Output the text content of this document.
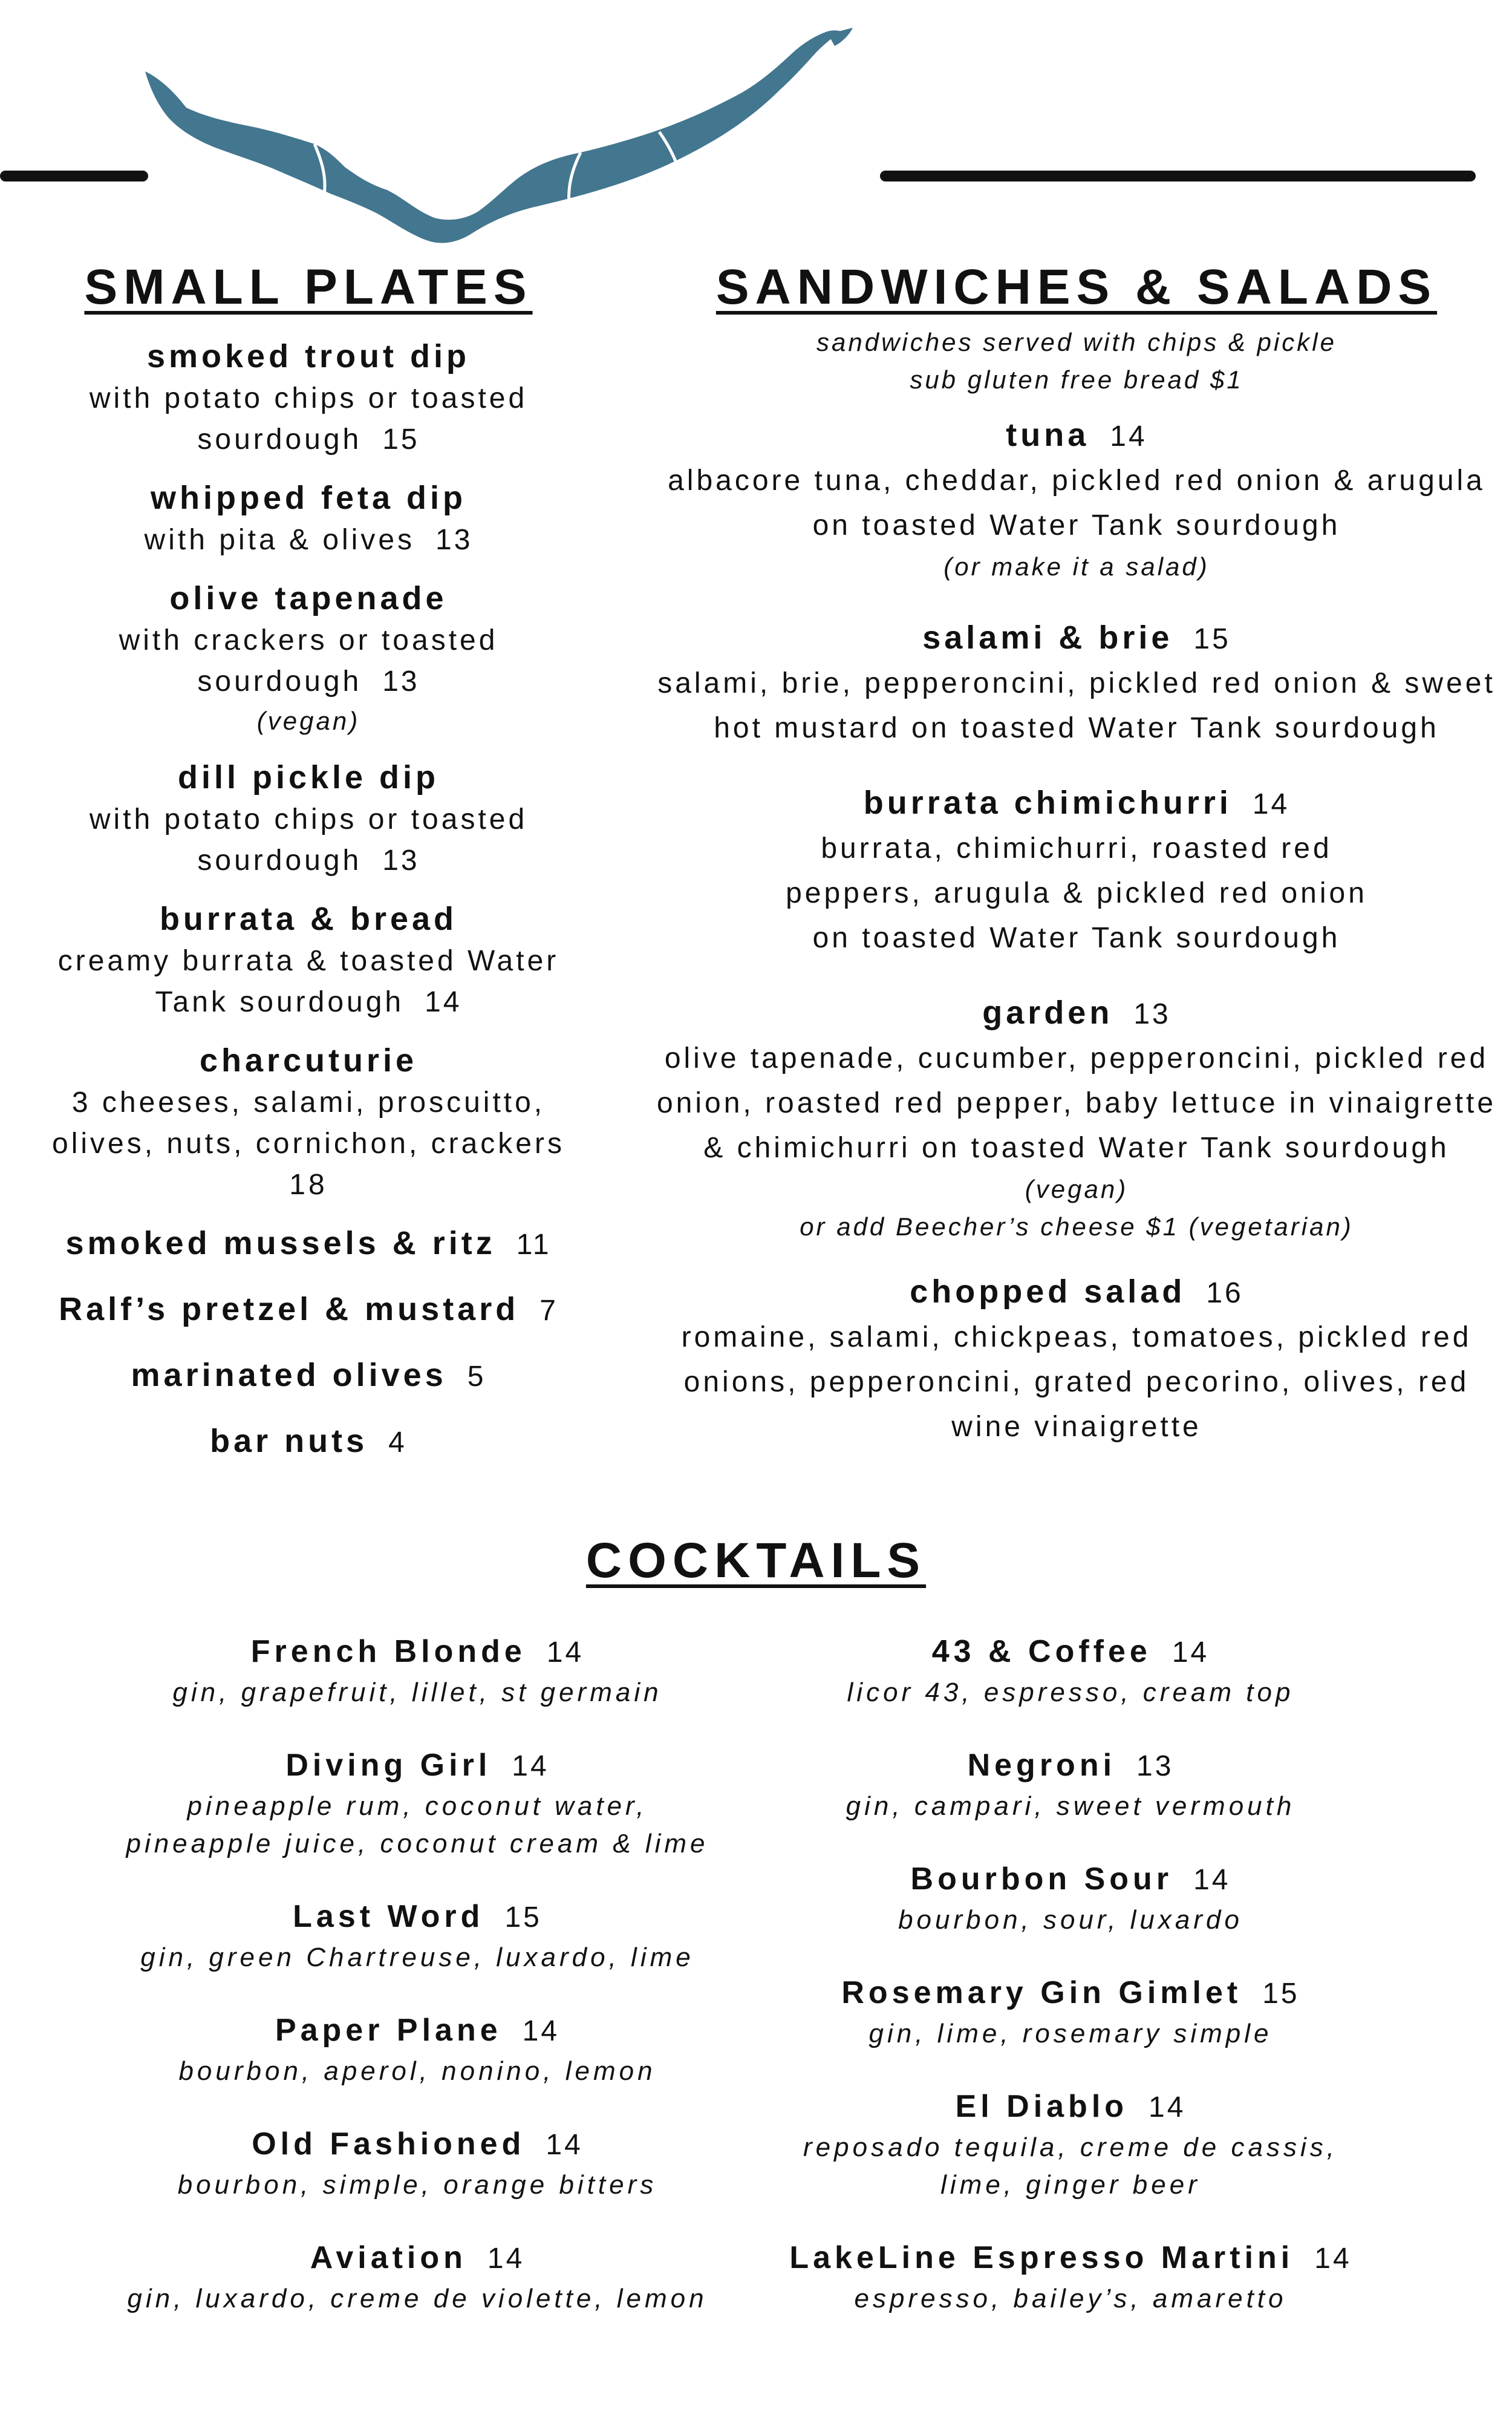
SMALL PLATES
smoked trout dip
with potato chips or toasted sourdough 15
whipped feta dip
with pita & olives 13
olive tapenade
with crackers or toasted sourdough 13
(vegan)
dill pickle dip
with potato chips or toasted sourdough 13
burrata & bread
creamy burrata & toasted Water Tank sourdough 14
charcuturie
3 cheeses, salami, proscuitto, olives, nuts, cornichon, crackers
18
smoked mussels & ritz 11
Ralf’s pretzel & mustard 7
marinated olives 5
bar nuts 4
SANDWICHES & SALADS
sandwiches served with chips & pickle
sub gluten free bread $1
tuna 14
albacore tuna, cheddar, pickled red onion & arugula on toasted Water Tank sourdough
(or make it a salad)
salami & brie 15
salami, brie, pepperoncini, pickled red onion & sweet hot mustard on toasted Water Tank sourdough
burrata chimichurri 14
burrata, chimichurri, roasted red peppers, arugula & pickled red onion
on toasted Water Tank sourdough
garden 13
olive tapenade, cucumber, pepperoncini, pickled red onion, roasted red pepper, baby lettuce in vinaigrette & chimichurri on toasted Water Tank sourdough
(vegan)
or add Beecher’s cheese $1 (vegetarian)
chopped salad 16
romaine, salami, chickpeas, tomatoes, pickled red onions, pepperoncini, grated pecorino, olives, red wine vinaigrette
COCKTAILS
French Blonde 14
gin, grapefruit, lillet, st germain
Diving Girl 14
pineapple rum, coconut water, pineapple juice, coconut cream & lime
Last Word 15
gin, green Chartreuse, luxardo, lime
Paper Plane 14
bourbon, aperol, nonino, lemon
Old Fashioned 14
bourbon, simple, orange bitters
Aviation 14
gin, luxardo, creme de violette, lemon
43 & Coffee 14
licor 43, espresso, cream top
Negroni 13
gin, campari, sweet vermouth
Bourbon Sour 14
bourbon, sour, luxardo
Rosemary Gin Gimlet 15
gin, lime, rosemary simple
El Diablo 14
reposado tequila, creme de cassis, lime, ginger beer
LakeLine Espresso Martini 14
espresso, bailey’s, amaretto
